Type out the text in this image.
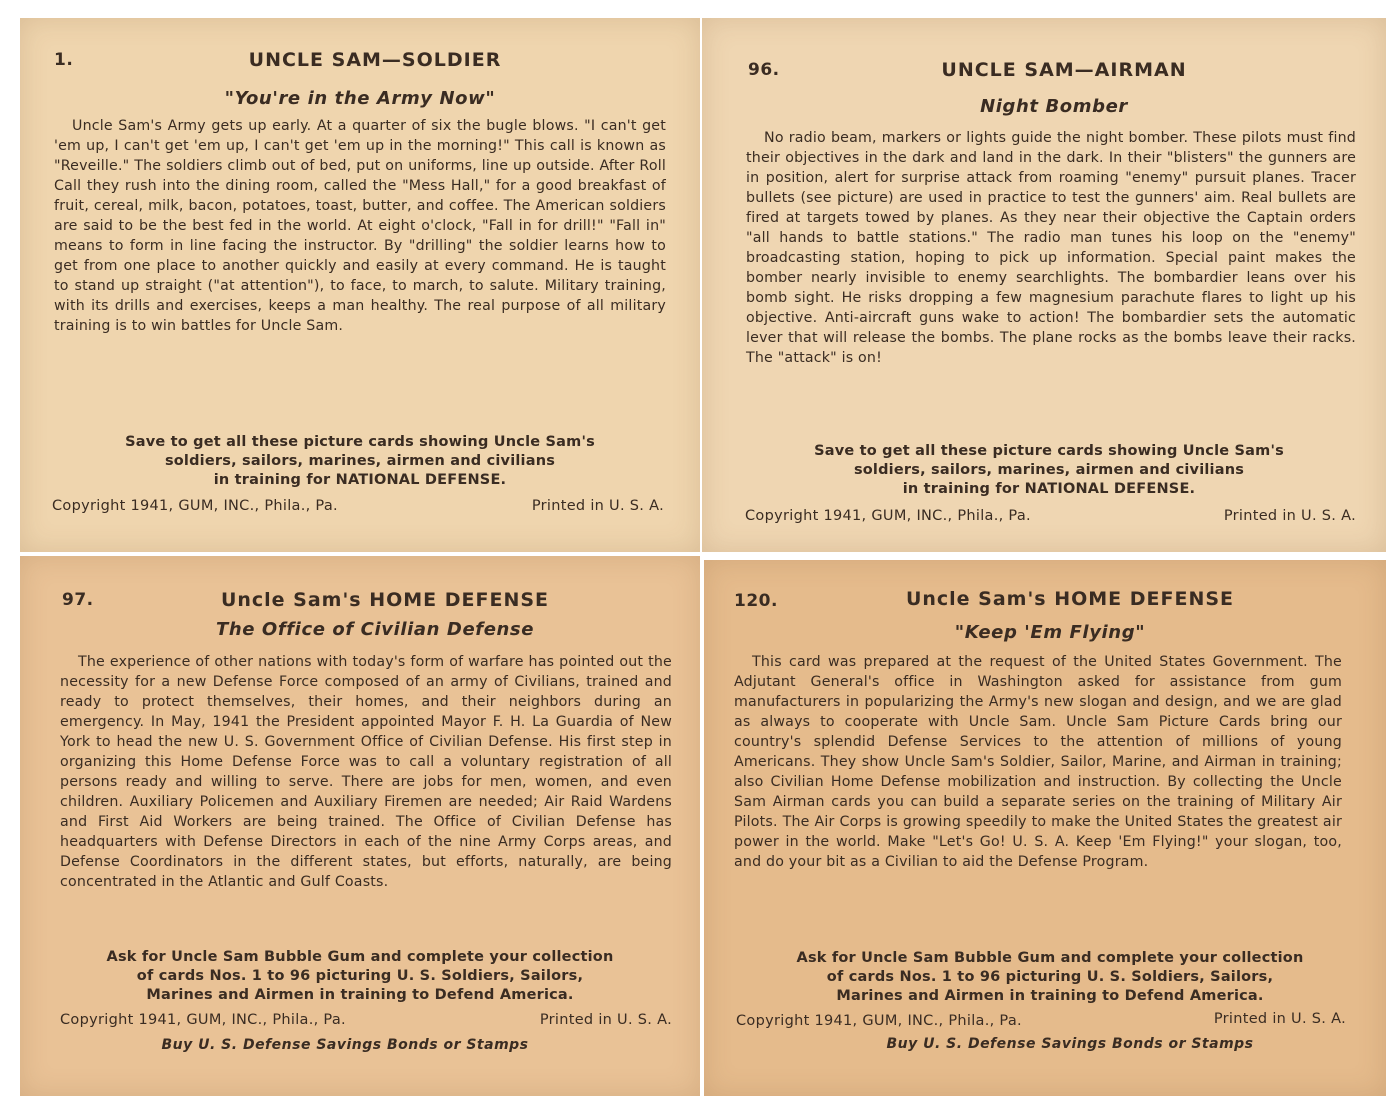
1.	UNCLE SAM—SOLDIER
"You're in the Army Now"

Uncle Sam's Army gets up early. At a quarter of six the bugle blows. "I can't get 'em up, I can't get 'em up, I can't get 'em up in the morning!" This call is known as "Reveille." The soldiers climb out of bed, put on uniforms, line up outside. After Roll Call they rush into the dining room, called the "Mess Hall," for a good breakfast of fruit, cereal, milk, bacon, potatoes, toast, butter, and coffee. The American soldiers are said to be the best fed in the world. At eight o'clock, "Fall in for drill!" "Fall in" means to form in line facing the instructor. By "drilling" the soldier learns how to get from one place to another quickly and easily at every command. He is taught to stand up straight ("at attention"), to face, to march, to salute. Military training, with its drills and exercises, keeps a man healthy. The real purpose of all military training is to win battles for Uncle Sam.

Save to get all these picture cards showing Uncle Sam's
soldiers, sailors, marines, airmen and civilians
in training for NATIONAL DEFENSE.
Copyright 1941, GUM, INC., Phila., Pa.	Printed in U. S. A.
96.	UNCLE SAM—AIRMAN
Night Bomber

No radio beam, markers or lights guide the night bomber. These pilots must find their objectives in the dark and land in the dark. In their "blisters" the gunners are in position, alert for surprise attack from roaming "enemy" pursuit planes. Tracer bullets (see picture) are used in practice to test the gunners' aim. Real bullets are fired at targets towed by planes. As they near their objective the Captain orders "all hands to battle stations." The radio man tunes his loop on the "enemy" broadcasting station, hoping to pick up information. Special paint makes the bomber nearly invisible to enemy searchlights. The bombardier leans over his bomb sight. He risks dropping a few magnesium parachute flares to light up his objective. Anti-aircraft guns wake to action! The bombardier sets the automatic lever that will release the bombs. The plane rocks as the bombs leave their racks. The "attack" is on!

Save to get all these picture cards showing Uncle Sam's
soldiers, sailors, marines, airmen and civilians
in training for NATIONAL DEFENSE.
Copyright 1941, GUM, INC., Phila., Pa.	Printed in U. S. A.
97.	Uncle Sam's HOME DEFENSE
The Office of Civilian Defense

The experience of other nations with today's form of warfare has pointed out the necessity for a new Defense Force composed of an army of Civilians, trained and ready to protect themselves, their homes, and their neighbors during an emergency. In May, 1941 the President appointed Mayor F. H. La Guardia of New York to head the new U. S. Government Office of Civilian Defense. His first step in organizing this Home Defense Force was to call a voluntary registration of all persons ready and willing to serve. There are jobs for men, women, and even children. Auxiliary Policemen and Auxiliary Firemen are needed; Air Raid Wardens and First Aid Workers are being trained. The Office of Civilian Defense has headquarters with Defense Directors in each of the nine Army Corps areas, and Defense Coordinators in the different states, but efforts, naturally, are being concentrated in the Atlantic and Gulf Coasts.

Ask for Uncle Sam Bubble Gum and complete your collection
of cards Nos. 1 to 96 picturing U. S. Soldiers, Sailors,
Marines and Airmen in training to Defend America.
Copyright 1941, GUM, INC., Phila., Pa.	Printed in U. S. A.
Buy U. S. Defense Savings Bonds or Stamps
120.	Uncle Sam's HOME DEFENSE
"Keep 'Em Flying"

This card was prepared at the request of the United States Government. The Adjutant General's office in Washington asked for assistance from gum manufacturers in popularizing the Army's new slogan and design, and we are glad as always to cooperate with Uncle Sam. Uncle Sam Picture Cards bring our country's splendid Defense Services to the attention of millions of young Americans. They show Uncle Sam's Soldier, Sailor, Marine, and Airman in training; also Civilian Home Defense mobilization and instruction. By collecting the Uncle Sam Airman cards you can build a separate series on the training of Military Air Pilots. The Air Corps is growing speedily to make the United States the greatest air power in the world. Make "Let's Go! U. S. A. Keep 'Em Flying!" your slogan, too, and do your bit as a Civilian to aid the Defense Program.

Ask for Uncle Sam Bubble Gum and complete your collection
of cards Nos. 1 to 96 picturing U. S. Soldiers, Sailors,
Marines and Airmen in training to Defend America.
Copyright 1941, GUM, INC., Phila., Pa.	Printed in U. S. A.
Buy U. S. Defense Savings Bonds or Stamps
